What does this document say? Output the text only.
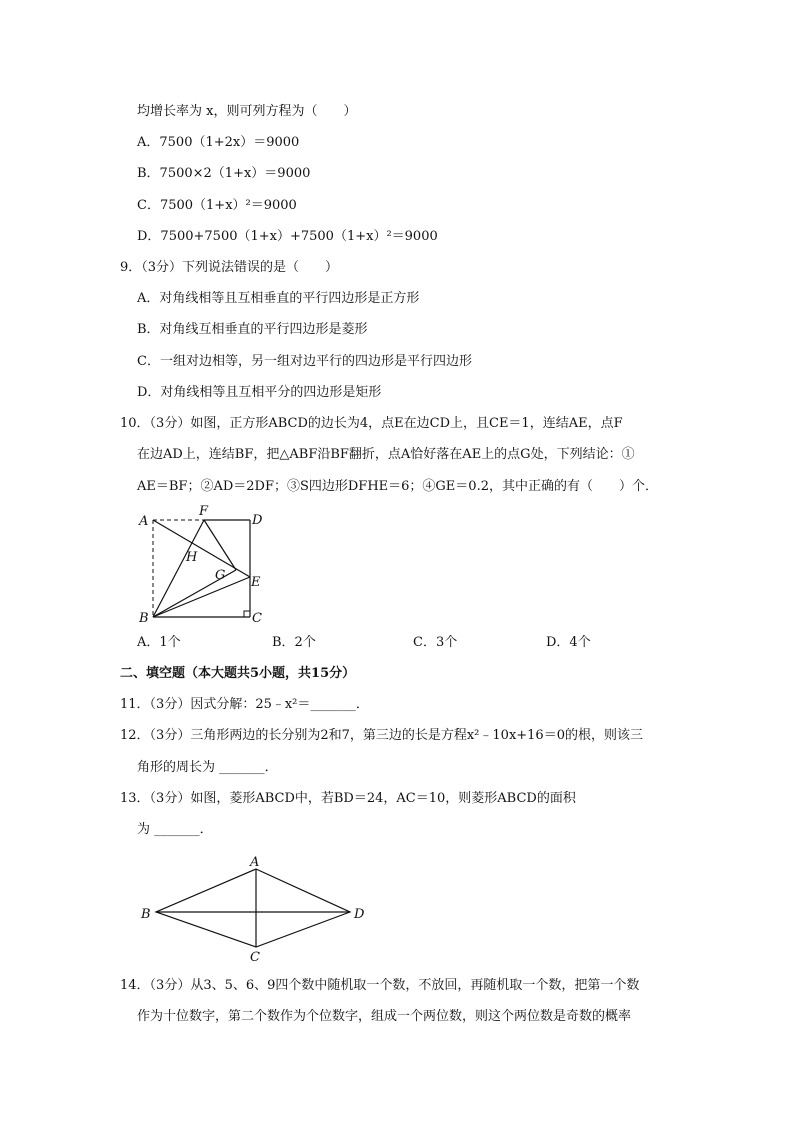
均增长率为 x，则可列方程为（　　）
A．7500（1+2x）＝9000
B．7500×2（1+x）＝9000
C．7500（1+x）²＝9000
D．7500+7500（1+x）+7500（1+x）²＝9000
9．（3分）下列说法错误的是（　　）
A．对角线相等且互相垂直的平行四边形是正方形
B．对角线互相垂直的平行四边形是菱形
C．一组对边相等，另一组对边平行的四边形是平行四边形
D．对角线相等且互相平分的四边形是矩形
10．（3分）如图，正方形ABCD的边长为4，点E在边CD上，且CE＝1，连结AE，点F
在边AD上，连结BF，把△ABF沿BF翻折，点A恰好落在AE上的点G处，下列结论：①
AE＝BF；②AD＝2DF；③S四边形DFHE＝6；④GE＝0.2，其中正确的有（　　）个．
A
F
D
H
G E
B	C
A．1个	B．2个	C．3个	D．4个
二、填空题（本大题共5小题，共15分）
11．（3分）因式分解：25﹣x²＝_______．
12．（3分）三角形两边的长分别为2和7，第三边的长是方程x²﹣10x+16＝0的根，则该三
角形的周长为 _______．
13．（3分）如图，菱形ABCD中，若BD＝24，AC＝10，则菱形ABCD的面积
为 _______．
A
B
C
D
14．（3分）从3、5、6、9四个数中随机取一个数，不放回，再随机取一个数，把第一个数
作为十位数字，第二个数作为个位数字，组成一个两位数，则这个两位数是奇数的概率
